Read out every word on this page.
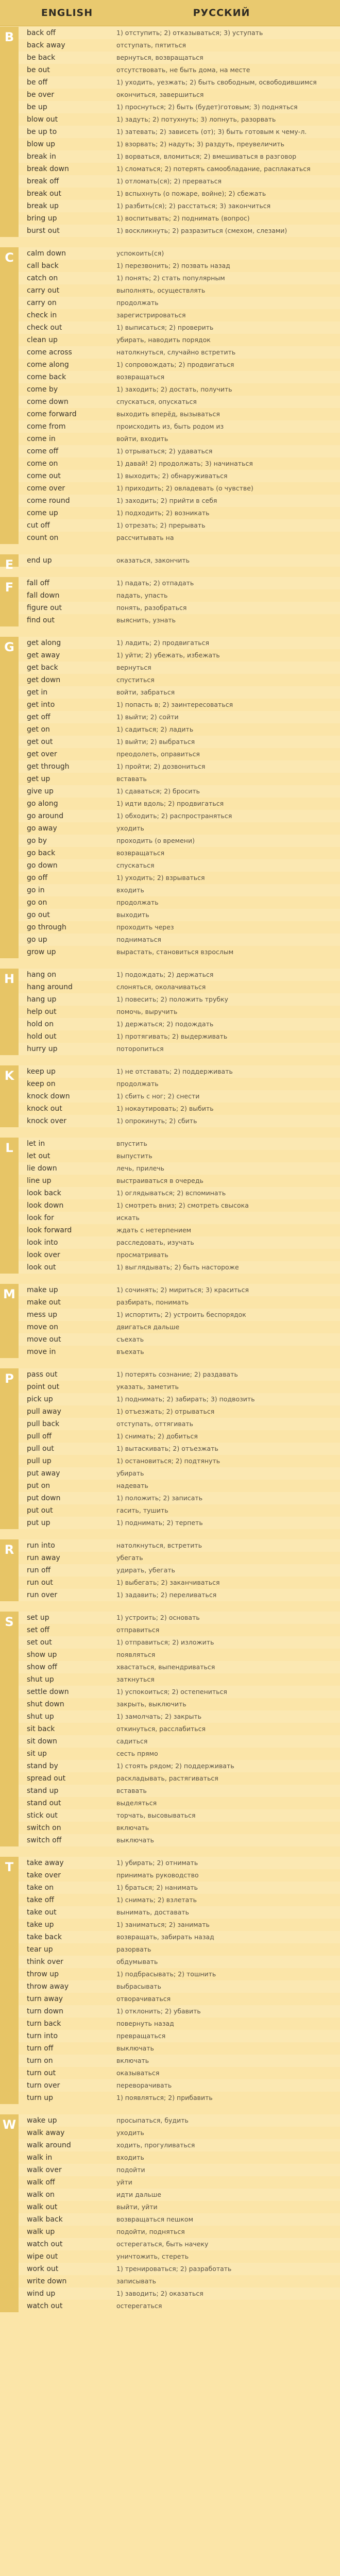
ENGLISH	РУССКИЙ
B	back off	1) отступить; 2) отказываться; 3) уступать
back away	отступать, пятиться
be back	вернуться, возвращаться
be out	отсутствовать, не быть дома, на месте
be off	1) уходить, уезжать; 2) быть свободным, освободившимся
be over	окончиться, завершиться
be up	1) проснуться; 2) быть (будет)готовым; 3) подняться
blow out	1) задуть; 2) потухнуть; 3) лопнуть, разорвать
be up to	1) затевать; 2) зависеть (от); 3) быть готовым к чему-л.
blow up	1) взорвать; 2) надуть; 3) раздуть, преувеличить
break in	1) ворваться, вломиться; 2) вмешиваться в разговор
break down	1) сломаться; 2) потерять самообладание, расплакаться
break off	1) отломать(ся); 2) прерваться
break out	1) вспыхнуть (о пожаре, войне); 2) сбежать
break up	1) разбить(ся); 2) расстаться; 3) закончиться
bring up	1) воспитывать; 2) поднимать (вопрос)
burst out	1) воскликнуть; 2) разразиться (смехом, слезами)
C	calm down	успокоить(ся)
call back	1) перезвонить; 2) позвать назад
catch on	1) понять; 2) стать популярным
carry out	выполнять, осуществлять
carry on	продолжать
check in	зарегистрироваться
check out	1) выписаться; 2) проверить
clean up	убирать, наводить порядок
come across	натолкнуться, случайно встретить
come along	1) сопровождать; 2) продвигаться
come back	возвращаться
come by	1) заходить; 2) достать, получить
come down	спускаться, опускаться
come forward	выходить вперёд, вызываться
come from	происходить из, быть родом из
come in	войти, входить
come off	1) отрываться; 2) удаваться
come on	1) давай! 2) продолжать; 3) начинаться
come out	1) выходить; 2) обнаруживаться
come over	1) приходить; 2) овладевать (о чувстве)
come round	1) заходить; 2) прийти в себя
come up	1) подходить; 2) возникать
cut off	1) отрезать; 2) прерывать
count on	рассчитывать на
E	end up	оказаться, закончить
F	fall off	1) падать; 2) отпадать
fall down	падать, упасть
figure out	понять, разобраться
find out	выяснить, узнать
G	get along	1) ладить; 2) продвигаться
get away	1) уйти; 2) убежать, избежать
get back	вернуться
get down	спуститься
get in	войти, забраться
get into	1) попасть в; 2) заинтересоваться
get off	1) выйти; 2) сойти
get on	1) садиться; 2) ладить
get out	1) выйти; 2) выбраться
get over	преодолеть, оправиться
get through	1) пройти; 2) дозвониться
get up	вставать
give up	1) сдаваться; 2) бросить
go along	1) идти вдоль; 2) продвигаться
go around	1) обходить; 2) распространяться
go away	уходить
go by	проходить (о времени)
go back	возвращаться
go down	спускаться
go off	1) уходить; 2) взрываться
go in	входить
go on	продолжать
go out	выходить
go through	проходить через
go up	подниматься
grow up	вырастать, становиться взрослым
H	hang on	1) подождать; 2) держаться
hang around	слоняться, околачиваться
hang up	1) повесить; 2) положить трубку
help out	помочь, выручить
hold on	1) держаться; 2) подождать
hold out	1) протягивать; 2) выдерживать
hurry up	поторопиться
K	keep up	1) не отставать; 2) поддерживать
keep on	продолжать
knock down	1) сбить с ног; 2) снести
knock out	1) нокаутировать; 2) выбить
knock over	1) опрокинуть; 2) сбить
L	let in	впустить
let out	выпустить
lie down	лечь, прилечь
line up	выстраиваться в очередь
look back	1) оглядываться; 2) вспоминать
look down	1) смотреть вниз; 2) смотреть свысока
look for	искать
look forward	ждать с нетерпением
look into	расследовать, изучать
look over	просматривать
look out	1) выглядывать; 2) быть настороже
M	make up	1) сочинять; 2) мириться; 3) краситься
make out	разбирать, понимать
mess up	1) испортить; 2) устроить беспорядок
move on	двигаться дальше
move out	съехать
move in	въехать
P	pass out	1) потерять сознание; 2) раздавать
point out	указать, заметить
pick up	1) поднимать; 2) забирать; 3) подвозить
pull away	1) отъезжать; 2) отрываться
pull back	отступать, оттягивать
pull off	1) снимать; 2) добиться
pull out	1) вытаскивать; 2) отъезжать
pull up	1) остановиться; 2) подтянуть
put away	убирать
put on	надевать
put down	1) положить; 2) записать
put out	гасить, тушить
put up	1) поднимать; 2) терпеть
R	run into	натолкнуться, встретить
run away	убегать
run off	удирать, убегать
run out	1) выбегать; 2) заканчиваться
run over	1) задавить; 2) переливаться
S	set up	1) устроить; 2) основать
set off	отправиться
set out	1) отправиться; 2) изложить
show up	появляться
show off	хвастаться, выпендриваться
shut up	заткнуться
settle down	1) успокоиться; 2) остепениться
shut down	закрыть, выключить
shut up	1) замолчать; 2) закрыть
sit back	откинуться, расслабиться
sit down	садиться
sit up	сесть прямо
stand by	1) стоять рядом; 2) поддерживать
spread out	раскладывать, растягиваться
stand up	вставать
stand out	выделяться
stick out	торчать, высовываться
switch on	включать
switch off	выключать
T	take away	1) убирать; 2) отнимать
take over	принимать руководство
take on	1) браться; 2) нанимать
take off	1) снимать; 2) взлетать
take out	вынимать, доставать
take up	1) заниматься; 2) занимать
take back	возвращать, забирать назад
tear up	разорвать
think over	обдумывать
throw up	1) подбрасывать; 2) тошнить
throw away	выбрасывать
turn away	отворачиваться
turn down	1) отклонить; 2) убавить
turn back	повернуть назад
turn into	превращаться
turn off	выключать
turn on	включать
turn out	оказываться
turn over	переворачивать
turn up	1) появляться; 2) прибавить
W	wake up	просыпаться, будить
walk away	уходить
walk around	ходить, прогуливаться
walk in	входить
walk over	подойти
walk off	уйти
walk on	идти дальше
walk out	выйти, уйти
walk back	возвращаться пешком
walk up	подойти, подняться
watch out	остерегаться, быть начеку
wipe out	уничтожить, стереть
work out	1) тренироваться; 2) разработать
write down	записывать
wind up	1) заводить; 2) оказаться
watch out	остерегаться
